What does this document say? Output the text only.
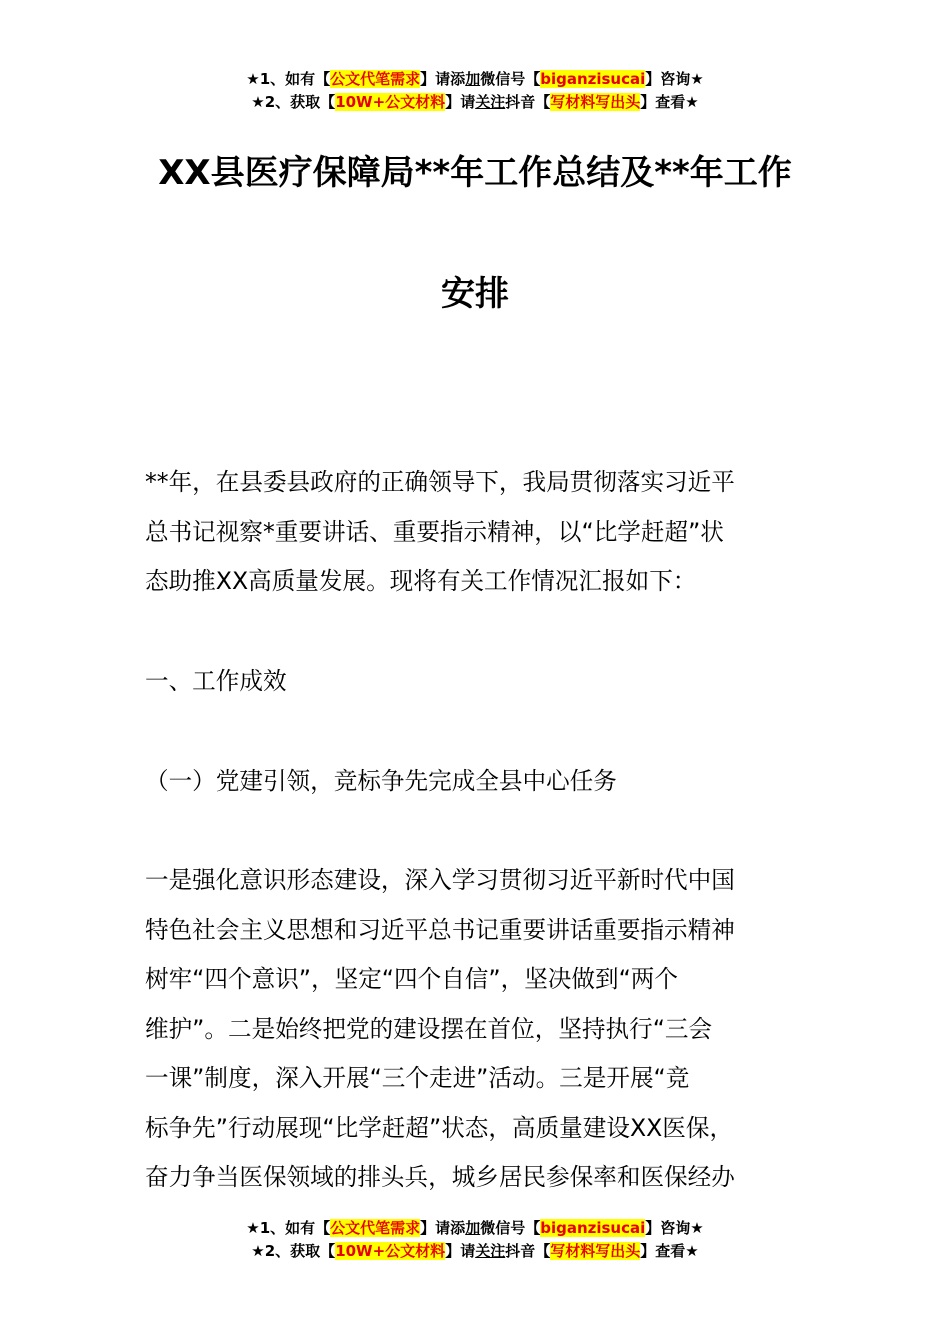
★1、如有【公文代笔需求】请添加微信号【biganzisucai】咨询★
★2、获取【10W+公文材料】请关注抖音【写材料写出头】查看★
XX县医疗保障局**年工作总结及**年工作
安排
**年，在县委县政府的正确领导下，我局贯彻落实习近平
总书记视察*重要讲话、重要指示精神，以“比学赶超”状
态助推XX高质量发展。现将有关工作情况汇报如下：
一、工作成效
（一）党建引领，竞标争先完成全县中心任务
一是强化意识形态建设，深入学习贯彻习近平新时代中国
特色社会主义思想和习近平总书记重要讲话重要指示精神
树牢“四个意识”，坚定“四个自信”，坚决做到“两个
维护”。二是始终把党的建设摆在首位，坚持执行“三会
一课”制度，深入开展“三个走进”活动。三是开展“竞
标争先”行动展现“比学赶超”状态，高质量建设XX医保，
奋力争当医保领域的排头兵，城乡居民参保率和医保经办
★1、如有【公文代笔需求】请添加微信号【biganzisucai】咨询★
★2、获取【10W+公文材料】请关注抖音【写材料写出头】查看★
